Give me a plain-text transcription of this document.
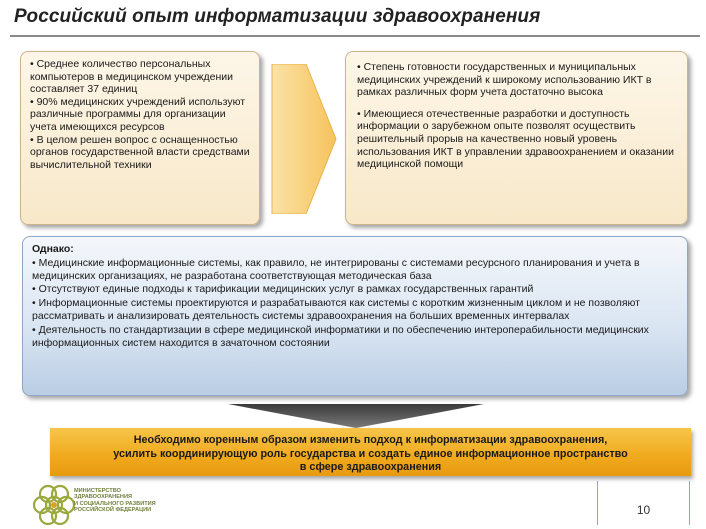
Российский опыт информатизации здравоохранения

• Среднее количество персональных компьютеров в медицинском учреждении составляет 37 единиц

• 90% медицинских учреждений используют различные программы для организации учета имеющихся ресурсов

• В целом решен вопрос с оснащенностью органов государственной власти средствами вычислительной техники

• Степень готовности государственных и муниципальных медицинских учреждений к широкому использованию ИКТ в рамках различных форм учета достаточно высока

• Имеющиеся отечественные разработки и доступность информации о зарубежном опыте позволят осуществить решительный прорыв на качественно новый уровень использования ИКТ в управлении здравоохранением и оказании медицинской помощи

Однако:

• Медицинские информационные системы, как правило, не интегрированы с системами ресурсного планирования и учета в медицинских организациях, не разработана соответствующая методическая база

• Отсутствуют единые подходы к тарификации медицинских услуг в рамках государственных гарантий

• Информационные системы проектируются и разрабатываются как системы с коротким жизненным циклом и не позволяют рассматривать и анализировать деятельность системы здравоохранения на больших временных интервалах

• Деятельность по стандартизации в сфере медицинской информатики и по обеспечению интероперабильности медицинских информационных систем находится в зачаточном состоянии

Необходимо коренным образом изменить подход к информатизации здравоохранения,
усилить координирующую роль государства и создать единое информационное пространство
в сфере здравоохранения
МИНИСТЕРСТВО
ЗДРАВООХРАНЕНИЯ
И СОЦИАЛЬНОГО РАЗВИТИЯ
РОССИЙСКОЙ ФЕДЕРАЦИИ	10
